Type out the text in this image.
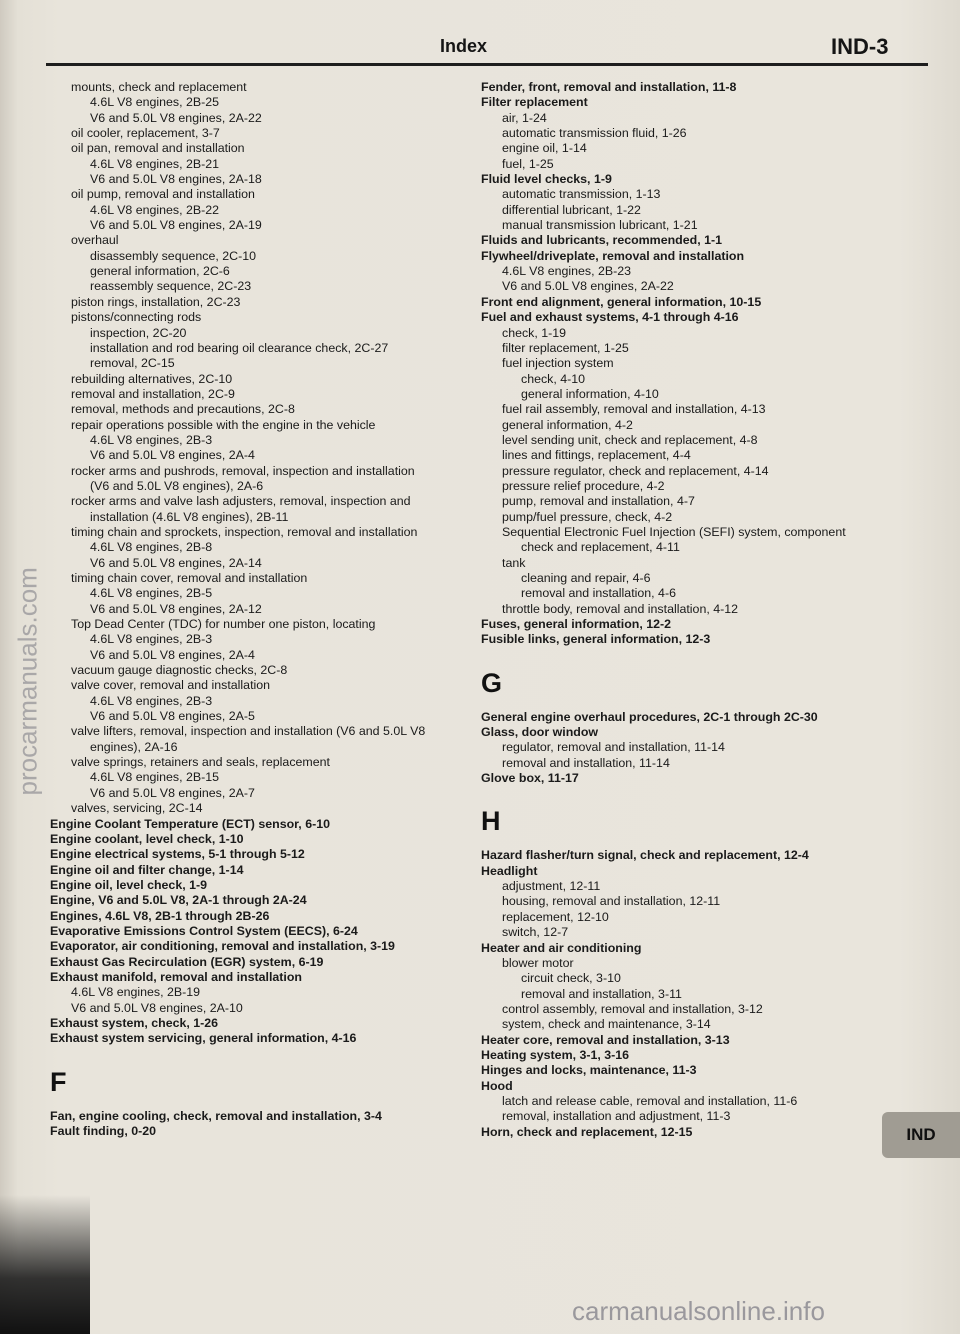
Index	IND-3
mounts, check and replacement
4.6L V8 engines, 2B-25
V6 and 5.0L V8 engines, 2A-22
oil cooler, replacement, 3-7
oil pan, removal and installation
4.6L V8 engines, 2B-21
V6 and 5.0L V8 engines, 2A-18
oil pump, removal and installation
4.6L V8 engines, 2B-22
V6 and 5.0L V8 engines, 2A-19
overhaul
disassembly sequence, 2C-10
general information, 2C-6
reassembly sequence, 2C-23
piston rings, installation, 2C-23
pistons/connecting rods
inspection, 2C-20
installation and rod bearing oil clearance check, 2C-27
removal, 2C-15
rebuilding alternatives, 2C-10
removal and installation, 2C-9
removal, methods and precautions, 2C-8
repair operations possible with the engine in the vehicle
4.6L V8 engines, 2B-3
V6 and 5.0L V8 engines, 2A-4
rocker arms and pushrods, removal, inspection and installation
(V6 and 5.0L V8 engines), 2A-6
rocker arms and valve lash adjusters, removal, inspection and
installation (4.6L V8 engines), 2B-11
timing chain and sprockets, inspection, removal and installation
4.6L V8 engines, 2B-8
V6 and 5.0L V8 engines, 2A-14
timing chain cover, removal and installation
4.6L V8 engines, 2B-5
V6 and 5.0L V8 engines, 2A-12
Top Dead Center (TDC) for number one piston, locating
4.6L V8 engines, 2B-3
V6 and 5.0L V8 engines, 2A-4
vacuum gauge diagnostic checks, 2C-8
valve cover, removal and installation
4.6L V8 engines, 2B-3
V6 and 5.0L V8 engines, 2A-5
valve lifters, removal, inspection and installation (V6 and 5.0L V8
engines), 2A-16
valve springs, retainers and seals, replacement
4.6L V8 engines, 2B-15
V6 and 5.0L V8 engines, 2A-7
valves, servicing, 2C-14
Engine Coolant Temperature (ECT) sensor, 6-10
Engine coolant, level check, 1-10
Engine electrical systems, 5-1 through 5-12
Engine oil and filter change, 1-14
Engine oil, level check, 1-9
Engine, V6 and 5.0L V8, 2A-1 through 2A-24
Engines, 4.6L V8, 2B-1 through 2B-26
Evaporative Emissions Control System (EECS), 6-24
Evaporator, air conditioning, removal and installation, 3-19
Exhaust Gas Recirculation (EGR) system, 6-19
Exhaust manifold, removal and installation
4.6L V8 engines, 2B-19
V6 and 5.0L V8 engines, 2A-10
Exhaust system, check, 1-26
Exhaust system servicing, general information, 4-16
F
Fan, engine cooling, check, removal and installation, 3-4
Fault finding, 0-20
Fender, front, removal and installation, 11-8
Filter replacement
air, 1-24
automatic transmission fluid, 1-26
engine oil, 1-14
fuel, 1-25
Fluid level checks, 1-9
automatic transmission, 1-13
differential lubricant, 1-22
manual transmission lubricant, 1-21
Fluids and lubricants, recommended, 1-1
Flywheel/driveplate, removal and installation
4.6L V8 engines, 2B-23
V6 and 5.0L V8 engines, 2A-22
Front end alignment, general information, 10-15
Fuel and exhaust systems, 4-1 through 4-16
check, 1-19
filter replacement, 1-25
fuel injection system
check, 4-10
general information, 4-10
fuel rail assembly, removal and installation, 4-13
general information, 4-2
level sending unit, check and replacement, 4-8
lines and fittings, replacement, 4-4
pressure regulator, check and replacement, 4-14
pressure relief procedure, 4-2
pump, removal and installation, 4-7
pump/fuel pressure, check, 4-2
Sequential Electronic Fuel Injection (SEFI) system, component
check and replacement, 4-11
tank
cleaning and repair, 4-6
removal and installation, 4-6
throttle body, removal and installation, 4-12
Fuses, general information, 12-2
Fusible links, general information, 12-3
G
General engine overhaul procedures, 2C-1 through 2C-30
Glass, door window
regulator, removal and installation, 11-14
removal and installation, 11-14
Glove box, 11-17
H
Hazard flasher/turn signal, check and replacement, 12-4
Headlight
adjustment, 12-11
housing, removal and installation, 12-11
replacement, 12-10
switch, 12-7
Heater and air conditioning
blower motor
circuit check, 3-10
removal and installation, 3-11
control assembly, removal and installation, 3-12
system, check and maintenance, 3-14
Heater core, removal and installation, 3-13
Heating system, 3-1, 3-16
Hinges and locks, maintenance, 11-3
Hood
latch and release cable, removal and installation, 11-6
removal, installation and adjustment, 11-3
Horn, check and replacement, 12-15	IND
procarmanuals.com
carmanualsonline.info
